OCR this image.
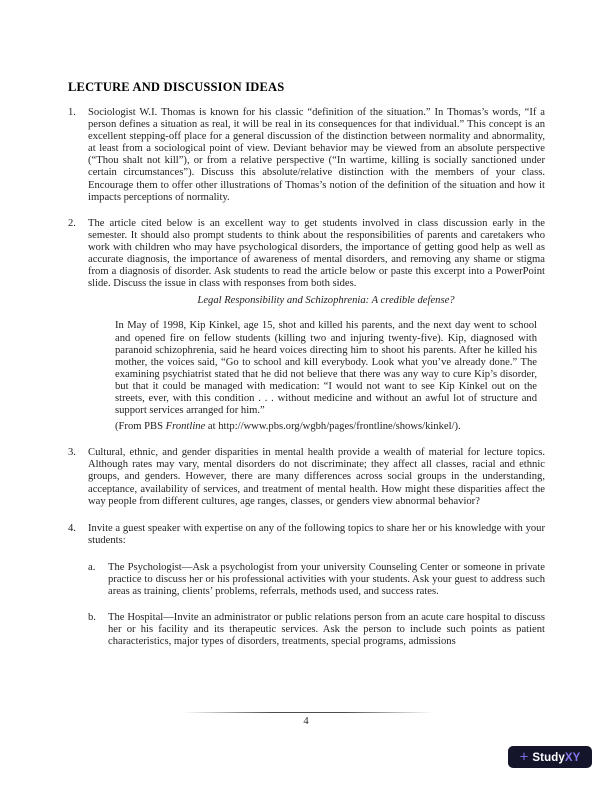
LECTURE AND DISCUSSION IDEAS
1.	Sociologist W.I. Thomas is known for his classic “definition of the situation.” In Thomas’s words, “If a person defines a situation as real, it will be real in its consequences for that individual.” This concept is an excellent stepping-off place for a general discussion of the distinction between normality and abnormality, at least from a sociological point of view. Deviant behavior may be viewed from an absolute perspective (“Thou shalt not kill”), or from a relative perspective (“In wartime, killing is socially sanctioned under certain circumstances”). Discuss this absolute/relative distinction with the members of your class. Encourage them to offer other illustrations of Thomas’s notion of the definition of the situation and how it impacts perceptions of normality.
2.	The article cited below is an excellent way to get students involved in class discussion early in the semester. It should also prompt students to think about the responsibilities of parents and caretakers who work with children who may have psychological disorders, the importance of getting good help as well as accurate diagnosis, the importance of awareness of mental disorders, and removing any shame or stigma from a diagnosis of disorder. Ask students to read the article below or paste this excerpt into a PowerPoint slide. Discuss the issue in class with responses from both sides.
Legal Responsibility and Schizophrenia: A credible defense?
In May of 1998, Kip Kinkel, age 15, shot and killed his parents, and the next day went to school and opened fire on fellow students (killing two and injuring twenty-five). Kip, diagnosed with paranoid schizophrenia, said he heard voices directing him to shoot his parents. After he killed his mother, the voices said, “Go to school and kill everybody. Look what you’ve already done.” The examining psychiatrist stated that he did not believe that there was any way to cure Kip’s disorder, but that it could be managed with medication: “I would not want to see Kip Kinkel out on the streets, ever, with this condition . . . without medicine and without an awful lot of structure and support services arranged for him.”
(From PBS Frontline at http://www.pbs.org/wgbh/pages/frontline/shows/kinkel/).
3.	Cultural, ethnic, and gender disparities in mental health provide a wealth of material for lecture topics. Although rates may vary, mental disorders do not discriminate; they affect all classes, racial and ethnic groups, and genders. However, there are many differences across social groups in the understanding, acceptance, availability of services, and treatment of mental health. How might these disparities affect the way people from different cultures, age ranges, classes, or genders view abnormal behavior?
4.	Invite a guest speaker with expertise on any of the following topics to share her or his knowledge with your students:
a.	The Psychologist—Ask a psychologist from your university Counseling Center or someone in private practice to discuss her or his professional activities with your students. Ask your guest to address such areas as training, clients’ problems, referrals, methods used, and success rates.
b.	The Hospital—Invite an administrator or public relations person from an acute care hospital to discuss her or his facility and its therapeutic services. Ask the person to include such points as patient characteristics, major types of disorders, treatments, special programs, admissions
4
+ StudyXY
